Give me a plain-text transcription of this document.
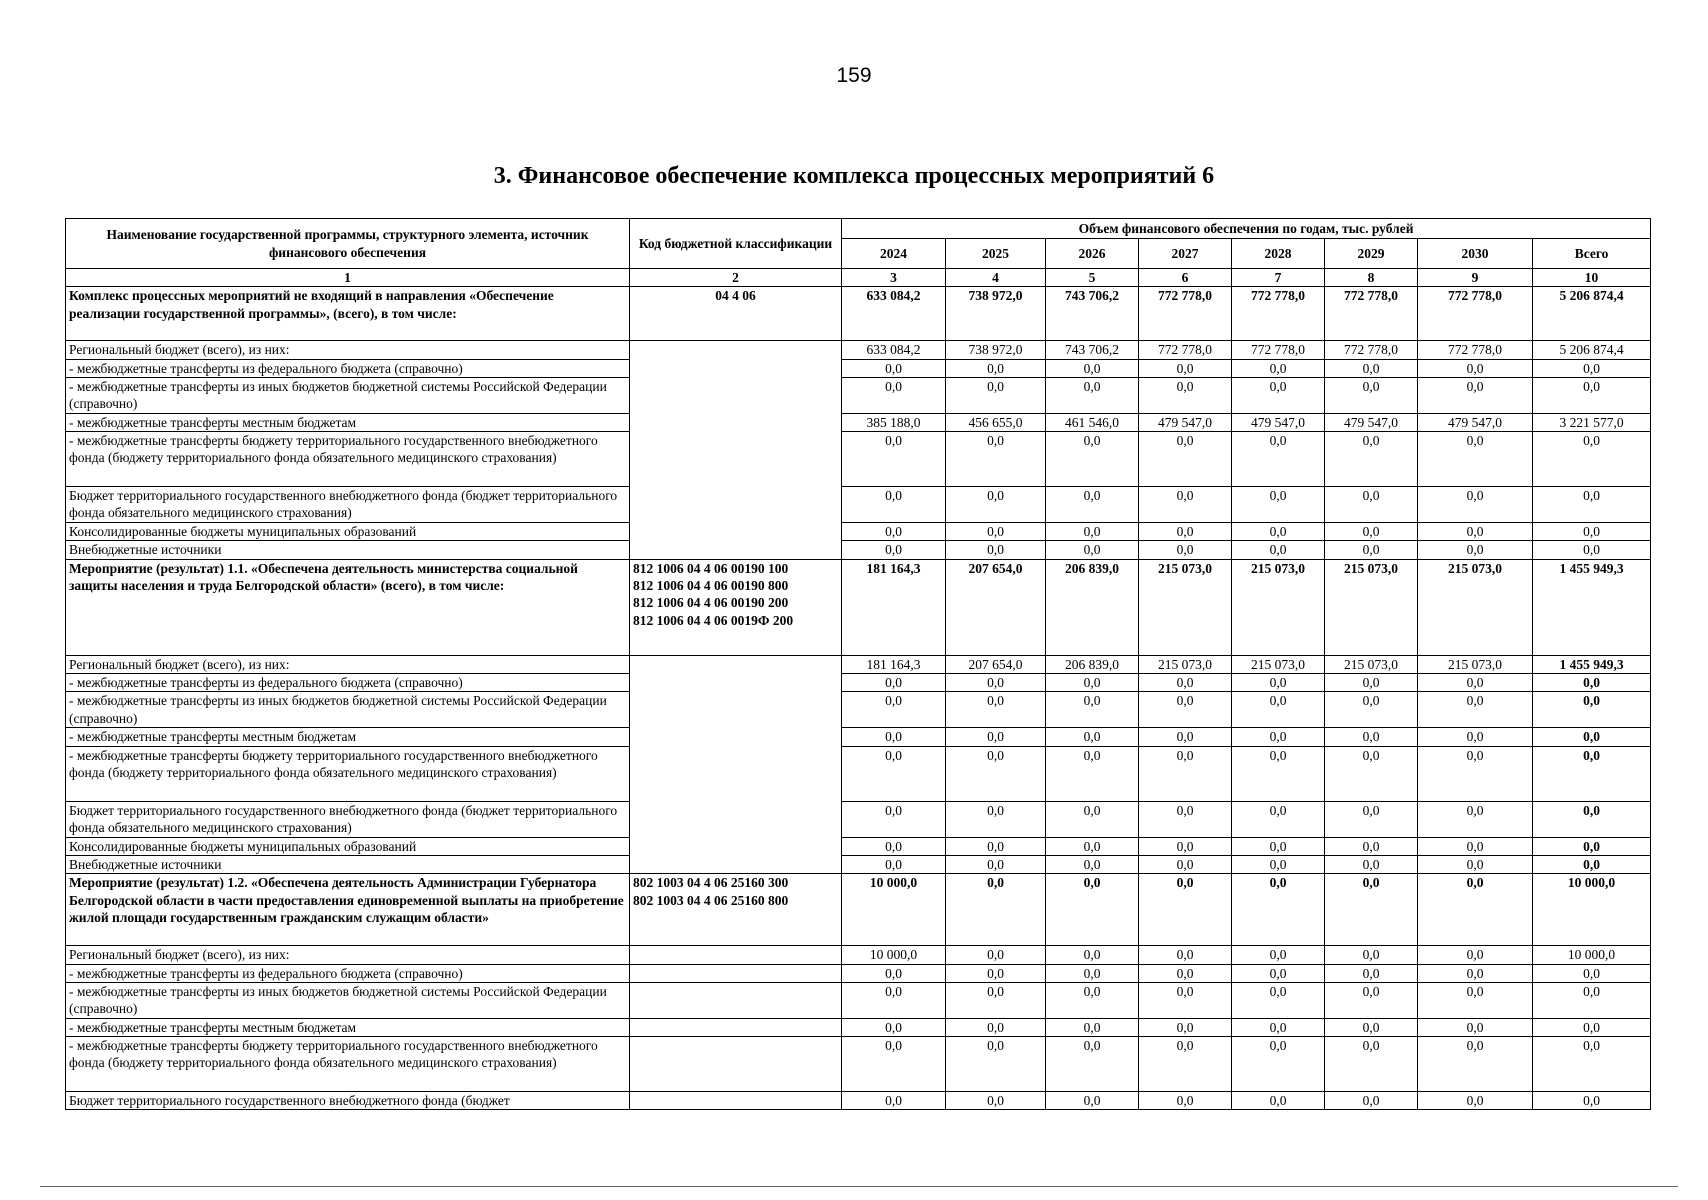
159
3. Финансовое обеспечение комплекса процессных мероприятий 6
Наименование государственной программы, структурного элемента, источник финансового обеспечения	Код бюджетной классификации	Объем финансового обеспечения по годам, тыс. рублей							
		2024	2025	2026	2027	2028	2029	2030	Всего
1	2	3	4	5	6	7	8	9	10
Комплекс процессных мероприятий не входящий в направления «Обеспечение реализации государственной программы», (всего), в том числе:	04 4 06	633 084,2	738 972,0	743 706,2	772 778,0	772 778,0	772 778,0	772 778,0	5 206 874,4
Региональный бюджет (всего), из них:		633 084,2	738 972,0	743 706,2	772 778,0	772 778,0	772 778,0	772 778,0	5 206 874,4
- межбюджетные трансферты из федерального бюджета (справочно)		0,0	0,0	0,0	0,0	0,0	0,0	0,0	0,0
- межбюджетные трансферты из иных бюджетов бюджетной системы Российской Федерации (справочно)		0,0	0,0	0,0	0,0	0,0	0,0	0,0	0,0
- межбюджетные трансферты местным бюджетам		385 188,0	456 655,0	461 546,0	479 547,0	479 547,0	479 547,0	479 547,0	3 221 577,0
- межбюджетные трансферты бюджету территориального государственного внебюджетного фонда (бюджету территориального фонда обязательного медицинского страхования)		0,0	0,0	0,0	0,0	0,0	0,0	0,0	0,0
Бюджет территориального государственного внебюджетного фонда (бюджет территориального фонда обязательного медицинского страхования)		0,0	0,0	0,0	0,0	0,0	0,0	0,0	0,0
Консолидированные бюджеты муниципальных образований		0,0	0,0	0,0	0,0	0,0	0,0	0,0	0,0
Внебюджетные источники		0,0	0,0	0,0	0,0	0,0	0,0	0,0	0,0
Мероприятие (результат) 1.1. «Обеспечена деятельность министерства социальной защиты населения и труда Белгородской области» (всего), в том числе:	812 1006 04 4 06 00190 100
812 1006 04 4 06 00190 800
812 1006 04 4 06 00190 200
812 1006 04 4 06 0019Ф 200	181 164,3	207 654,0	206 839,0	215 073,0	215 073,0	215 073,0	215 073,0	1 455 949,3
Региональный бюджет (всего), из них:		181 164,3	207 654,0	206 839,0	215 073,0	215 073,0	215 073,0	215 073,0	1 455 949,3
- межбюджетные трансферты из федерального бюджета (справочно)		0,0	0,0	0,0	0,0	0,0	0,0	0,0	0,0
- межбюджетные трансферты из иных бюджетов бюджетной системы Российской Федерации (справочно)		0,0	0,0	0,0	0,0	0,0	0,0	0,0	0,0
- межбюджетные трансферты местным бюджетам		0,0	0,0	0,0	0,0	0,0	0,0	0,0	0,0
- межбюджетные трансферты бюджету территориального государственного внебюджетного фонда (бюджету территориального фонда обязательного медицинского страхования)		0,0	0,0	0,0	0,0	0,0	0,0	0,0	0,0
Бюджет территориального государственного внебюджетного фонда (бюджет территориального фонда обязательного медицинского страхования)		0,0	0,0	0,0	0,0	0,0	0,0	0,0	0,0
Консолидированные бюджеты муниципальных образований		0,0	0,0	0,0	0,0	0,0	0,0	0,0	0,0
Внебюджетные источники		0,0	0,0	0,0	0,0	0,0	0,0	0,0	0,0
Мероприятие (результат) 1.2. «Обеспечена деятельность Администрации Губернатора Белгородской области в части предоставления единовременной выплаты на приобретение жилой площади государственным гражданским служащим области»	802 1003 04 4 06 25160 300
802 1003 04 4 06 25160 800	10 000,0	0,0	0,0	0,0	0,0	0,0	0,0	10 000,0
Региональный бюджет (всего), из них:		10 000,0	0,0	0,0	0,0	0,0	0,0	0,0	10 000,0
- межбюджетные трансферты из федерального бюджета (справочно)		0,0	0,0	0,0	0,0	0,0	0,0	0,0	0,0
- межбюджетные трансферты из иных бюджетов бюджетной системы Российской Федерации (справочно)		0,0	0,0	0,0	0,0	0,0	0,0	0,0	0,0
- межбюджетные трансферты местным бюджетам		0,0	0,0	0,0	0,0	0,0	0,0	0,0	0,0
- межбюджетные трансферты бюджету территориального государственного внебюджетного фонда (бюджету территориального фонда обязательного медицинского страхования)		0,0	0,0	0,0	0,0	0,0	0,0	0,0	0,0
Бюджет территориального государственного внебюджетного фонда (бюджет		0,0	0,0	0,0	0,0	0,0	0,0	0,0	0,0
